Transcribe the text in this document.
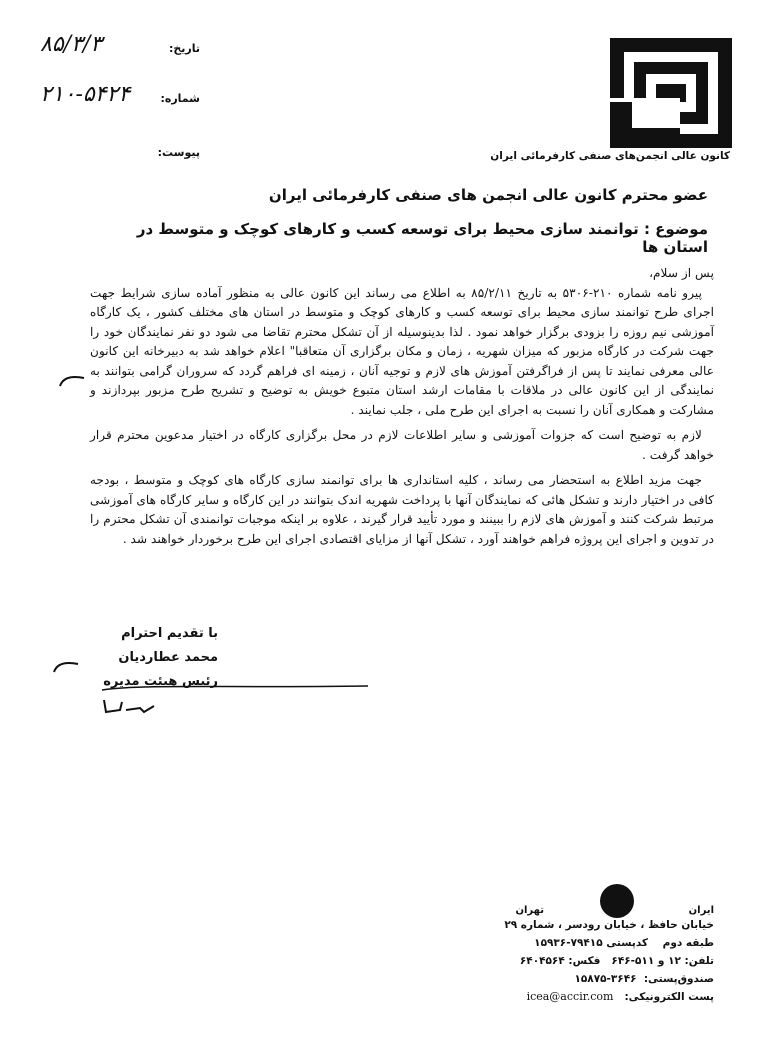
۸۵/۳/۳	تاریخ:
۲۱۰-۵۴۲۴	شماره:
پیوست:	کانون عالی انجمن‌های صنفی کارفرمائی ایران
عضو محترم کانون عالی انجمن های صنفی کارفرمائی ایران
موضوع : توانمند سازی محیط برای توسعه کسب و کارهای کوچک و متوسط در استان ها

پس از سلام،

پیرو نامه شماره ۲۱۰-۵۳۰۶ به تاریخ ۸۵/۲/۱۱ به اطلاع می رساند این کانون عالی به منظور آماده سازی شرایط جهت اجرای طرح توانمند سازی محیط برای توسعه کسب و کارهای کوچک و متوسط در استان های مختلف کشور ، یک کارگاه آموزشی نیم روزه را بزودی برگزار خواهد نمود . لذا بدینوسیله از آن تشکل محترم تقاضا می شود دو نفر نمایندگان خود را جهت شرکت در کارگاه مزبور که میزان شهریه ، زمان و مکان برگزاری آن متعاقبا" اعلام خواهد شد به دبیرخانه این کانون عالی معرفی نمایند تا پس از فراگرفتن آموزش های لازم و توجیه آنان ، زمینه ای فراهم گردد که سروران گرامی بتوانند به نمایندگی از این کانون عالی در ملاقات با مقامات ارشد استان متبوع خویش به توضیح و تشریح طرح مزبور بپردازند و مشارکت و همکاری آنان را نسبت به اجرای این طرح ملی ، جلب نمایند .

لازم به توضیح است که جزوات آموزشی و سایر اطلاعات لازم در محل برگزاری کارگاه در اختیار مدعوین محترم قرار خواهد گرفت .

جهت مزید اطلاع به استحضار می رساند ، کلیه استانداری ها برای توانمند سازی کارگاه های کوچک و متوسط ، بودجه کافی در اختیار دارند و تشکل هائی که نمایندگان آنها با پرداخت شهریه اندک بتوانند در این کارگاه و سایر کارگاه های آموزشی مرتبط شرکت کنند و آموزش های لازم را ببینند و مورد تأیید قرار گیرند ، علاوه بر اینکه موجبات توانمندی آن تشکل محترم را در تدوین و اجرای این پروژه فراهم خواهند آورد ، تشکل آنها از مزایای اقتصادی اجرای این طرح برخوردار خواهند شد .

با تقدیم احترام
محمد عطاردیان
رئیس هیئت مدیره
ایران
تهران
خیابان حافظ ، خیابان رودسر ، شماره ۲۹
طبقه دوم    کدپستی ۷۹۴۱۵-۱۵۹۳۶
تلفن: ۱۲ و ۵۱۱-۶۴۶   فکس: ۶۴۰۴۵۶۴
صندوق‌پستی:  ۳۶۴۶-۱۵۸۷۵
پست الکترونیکی:   icea@accir.com
